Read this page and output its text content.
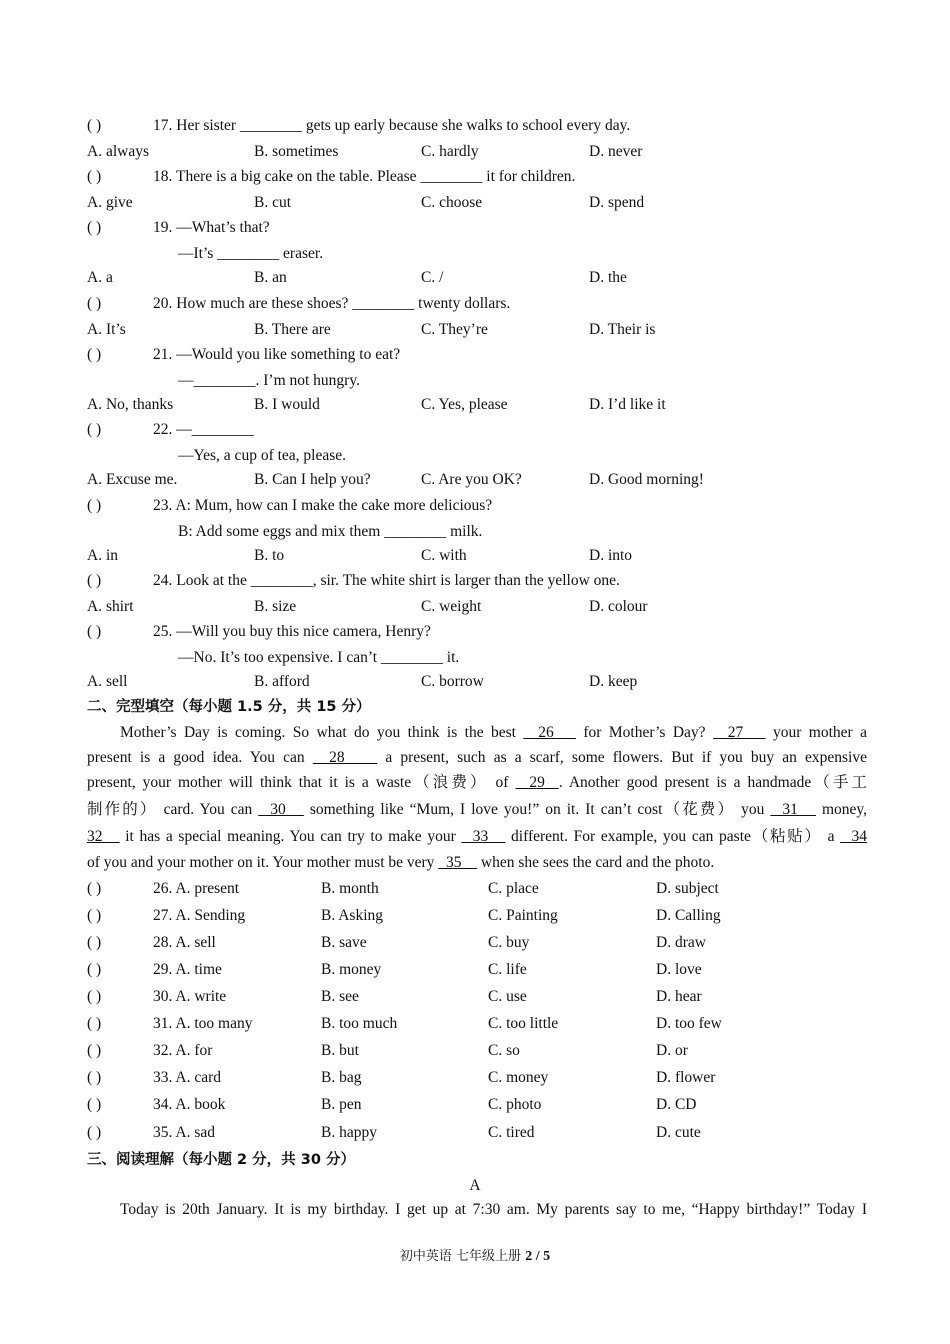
( )	17. Her sister ________ gets up early because she walks to school every day.
A. always	B. sometimes	C. hardly	D. never
( )	18. There is a big cake on the table. Please ________ it for children.
A. give	B. cut	C. choose	D. spend
( )	19. —What’s that?
—It’s ________ eraser.
A. a	B. an	C. /	D. the
( )	20. How much are these shoes? ________ twenty dollars.
A. It’s	B. There are	C. They’re	D. Their is
( )	21. —Would you like something to eat?
—________. I’m not hungry.
A. No, thanks	B. I would	C. Yes, please	D. I’d like it
( )	22. —________
—Yes, a cup of tea, please.
A. Excuse me.	B. Can I help you?	C. Are you OK?	D. Good morning!
( )	23. A: Mum, how can I make the cake more delicious?
B: Add some eggs and mix them ________ milk.
A. in	B. to	C. with	D. into
( )	24. Look at the ________, sir. The white shirt is larger than the yellow one.
A. shirt	B. size	C. weight	D. colour
( )	25. —Will you buy this nice camera, Henry?
—No. It’s too expensive. I can’t ________ it.
A. sell	B. afford	C. borrow	D. keep
二、完型填空（每小题 1.5 分，共 15 分）
Mother’s Day is coming. So what do you think is the best   26    for Mother’s Day?   27    your mother a
present is a good idea. You can   28     a present, such as a scarf, some flowers. But if you buy an expensive
present, your mother will think that it is a waste（浪费） of   29  . Another good present is a handmade（手工
制作的） card. You can   30    something like “Mum, I love you!” on it. It can’t cost（花费） you   31    money,
32    it has a special meaning. You can try to make your   33    different. For example, you can paste（粘贴） a   34
of you and your mother on it. Your mother must be very   35     when she sees the card and the photo.
( )	26. A. present	B. month	C. place	D. subject
( )	27. A. Sending	B. Asking	C. Painting	D. Calling
( )	28. A. sell	B. save	C. buy	D. draw
( )	29. A. time	B. money	C. life	D. love
( )	30. A. write	B. see	C. use	D. hear
( )	31. A. too many	B. too much	C. too little	D. too few
( )	32. A. for	B. but	C. so	D. or
( )	33. A. card	B. bag	C. money	D. flower
( )	34. A. book	B. pen	C. photo	D. CD
( )	35. A. sad	B. happy	C. tired	D. cute
三、阅读理解（每小题 2 分，共 30 分）
A
Today is 20th January. It is my birthday. I get up at 7:30 am. My parents say to me, “Happy birthday!” Today I
初中英语 七年级上册 2 / 5
